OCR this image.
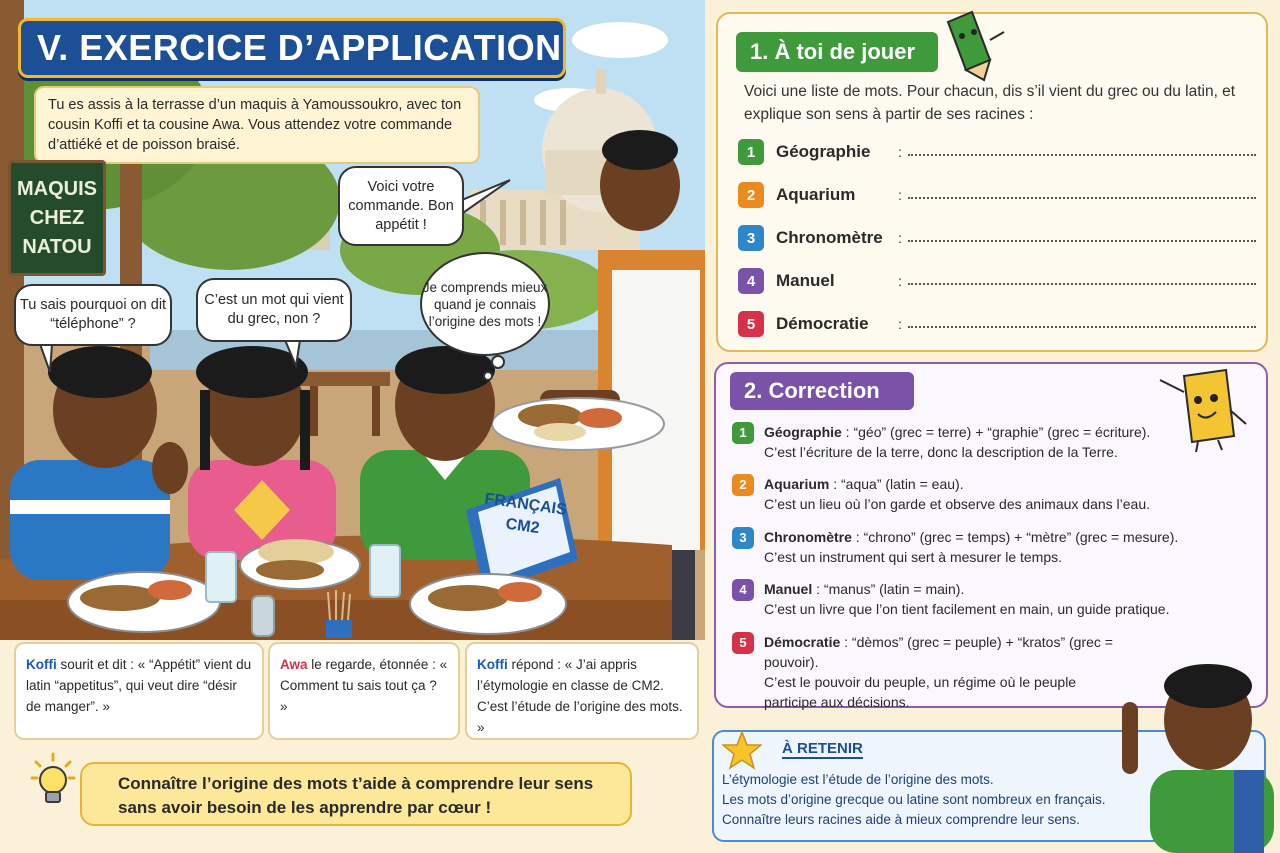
V. EXERCICE D’APPLICATION
Tu es assis à la terrasse d’un maquis à Yamoussoukro, avec ton cousin Koffi et ta cousine Awa. Vous attendez votre commande d’attiéké et de poisson braisé.
MAQUIS
CHEZ
NATOU
Tu sais pourquoi on dit “téléphone” ?
C’est un mot qui vient du grec, non ?
Voici votre commande. Bon appétit !
Je comprends mieux quand je connais l’origine des mots !
FRANÇAIS
CM2
Koffi sourit et dit : « “Appétit” vient du latin “appetitus”, qui veut dire “désir de manger”. »
Awa le regarde, étonnée : « Comment tu sais tout ça ? »
Koffi répond : « J’ai appris l’étymologie en classe de CM2. C’est l’étude de l’origine des mots. »
Connaître l’origine des mots t’aide à comprendre leur sens sans avoir besoin de les apprendre par cœur !
1. À toi de jouer
Voici une liste de mots. Pour chacun, dis s’il vient du grec ou du latin, et explique son sens à partir de ses racines :
1	Géographie	:
2	Aquarium	:
3	Chronomètre	:
4	Manuel	:
5	Démocratie	:
2. Correction
1	Géographie : “géo” (grec = terre) + “graphie” (grec = écriture).
C’est l’écriture de la terre, donc la description de la Terre.
2	Aquarium : “aqua” (latin = eau).
C’est un lieu où l’on garde et observe des animaux dans l’eau.
3	Chronomètre : “chrono” (grec = temps) + “mètre” (grec = mesure).
C’est un instrument qui sert à mesurer le temps.
4	Manuel : “manus” (latin = main).
C’est un livre que l’on tient facilement en main, un guide pratique.
5	Démocratie : “dèmos” (grec = peuple) + “kratos” (grec = pouvoir).
C’est le pouvoir du peuple, un régime où le peuple participe aux décisions.
À RETENIR
L’étymologie est l’étude de l’origine des mots.
Les mots d’origine grecque ou latine sont nombreux en français.
Connaître leurs racines aide à mieux comprendre leur sens.
